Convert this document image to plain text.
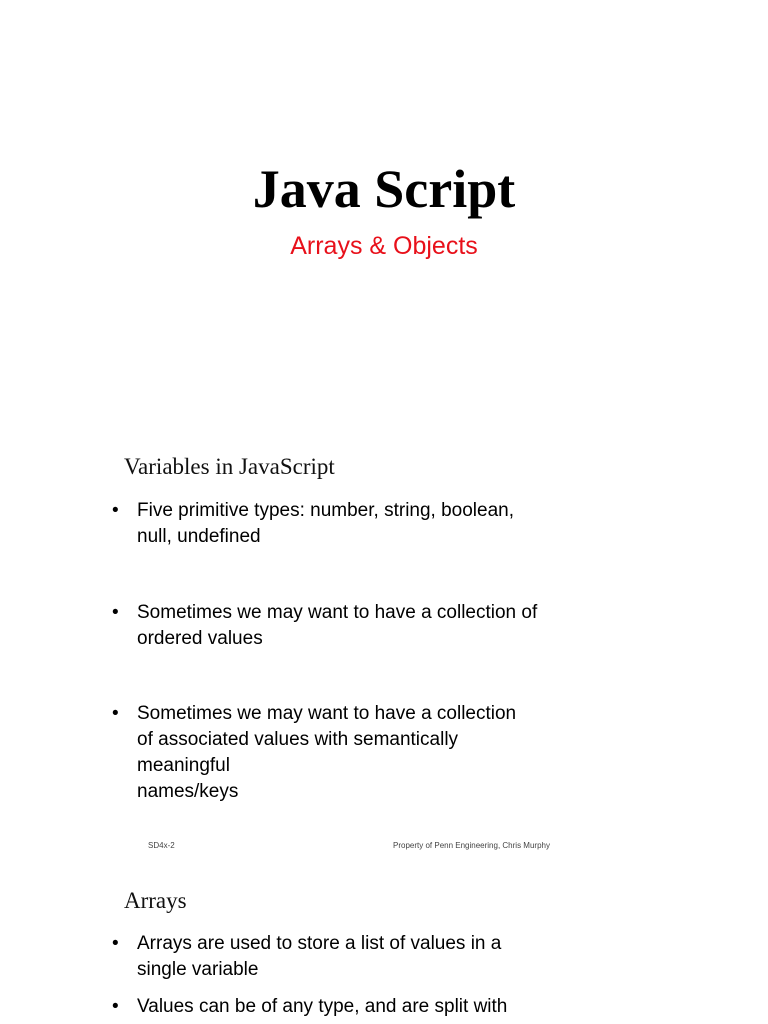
Java Script
Arrays & Objects
Variables in JavaScript
• Five primitive types: number, string, boolean,
null, undefined
• Sometimes we may want to have a collection of
ordered values
• Sometimes we may want to have a collection
of associated values with semantically
meaningful
names/keys
SD4x-2	Property of Penn Engineering, Chris Murphy
Arrays
• Arrays are used to store a list of values in a
single variable
• Values can be of any type, and are split with
